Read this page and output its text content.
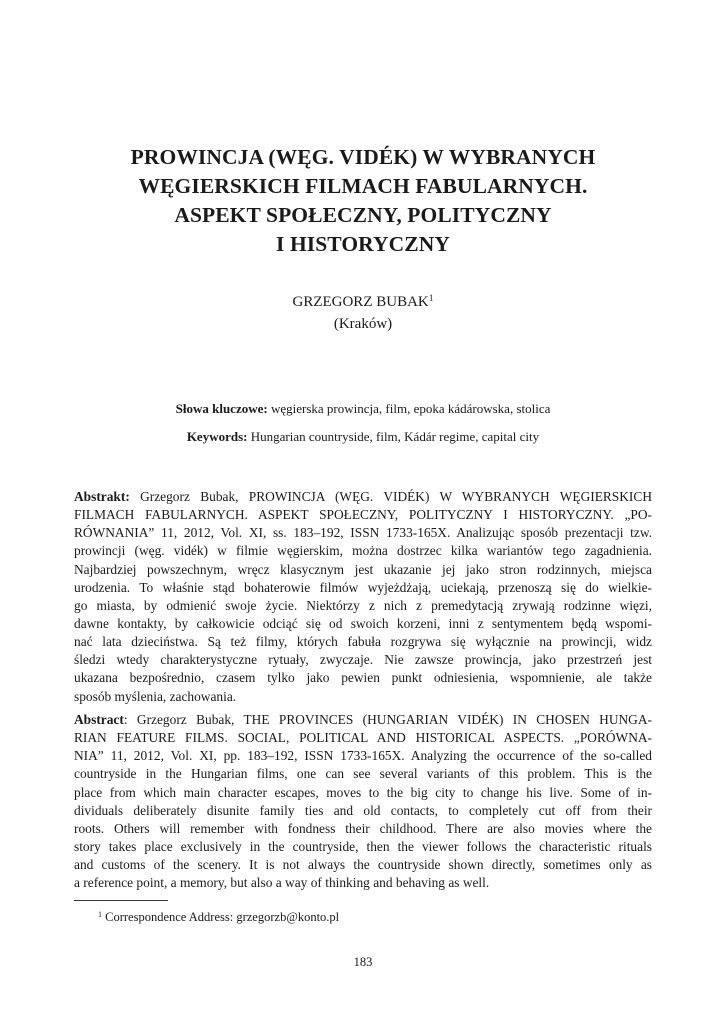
PROWINCJA (WĘG. VIDÉK) W WYBRANYCH
WĘGIERSKICH FILMACH FABULARNYCH.
ASPEKT SPOŁECZNY, POLITYCZNY
I HISTORYCZNY
GRZEGORZ BUBAK$^1$
(Kraków)
Słowa kluczowe: węgierska prowincja, film, epoka kádárowska, stolica
Keywords: Hungarian countryside, film, Kádár regime, capital city
Abstrakt: Grzegorz Bubak, PROWINCJA (WĘG. VIDÉK) W WYBRANYCH WĘGIERSKICH
FILMACH FABULARNYCH. ASPEKT SPOŁECZNY, POLITYCZNY I HISTORYCZNY. „PO-
RÓWNANIA” 11, 2012, Vol. XI, ss. 183–192, ISSN 1733-165X. Analizując sposób prezentacji tzw.
prowincji (węg. vidék) w filmie węgierskim, można dostrzec kilka wariantów tego zagadnienia.
Najbardziej powszechnym, wręcz klasycznym jest ukazanie jej jako stron rodzinnych, miejsca
urodzenia. To właśnie stąd bohaterowie filmów wyjeżdżają, uciekają, przenoszą się do wielkie-
go miasta, by odmienić swoje życie. Niektórzy z nich z premedytacją zrywają rodzinne więzi,
dawne kontakty, by całkowicie odciąć się od swoich korzeni, inni z sentymentem będą wspomi-
nać lata dzieciństwa. Są też filmy, których fabuła rozgrywa się wyłącznie na prowincji, widz
śledzi wtedy charakterystyczne rytuały, zwyczaje. Nie zawsze prowincja, jako przestrzeń jest
ukazana bezpośrednio, czasem tylko jako pewien punkt odniesienia, wspomnienie, ale także
sposób myślenia, zachowania.
Abstract: Grzegorz Bubak, THE PROVINCES (HUNGARIAN VIDÉK) IN CHOSEN HUNGA-
RIAN FEATURE FILMS. SOCIAL, POLITICAL AND HISTORICAL ASPECTS. „PORÓWNA-
NIA” 11, 2012, Vol. XI, pp. 183–192, ISSN 1733-165X. Analyzing the occurrence of the so-called
countryside in the Hungarian films, one can see several variants of this problem. This is the
place from which main character escapes, moves to the big city to change his live. Some of in-
dividuals deliberately disunite family ties and old contacts, to completely cut off from their
roots. Others will remember with fondness their childhood. There are also movies where the
story takes place exclusively in the countryside, then the viewer follows the characteristic rituals
and customs of the scenery. It is not always the countryside shown directly, sometimes only as
a reference point, a memory, but also a way of thinking and behaving as well.
$^1$ Correspondence Address: grzegorzb@konto.pl
183
